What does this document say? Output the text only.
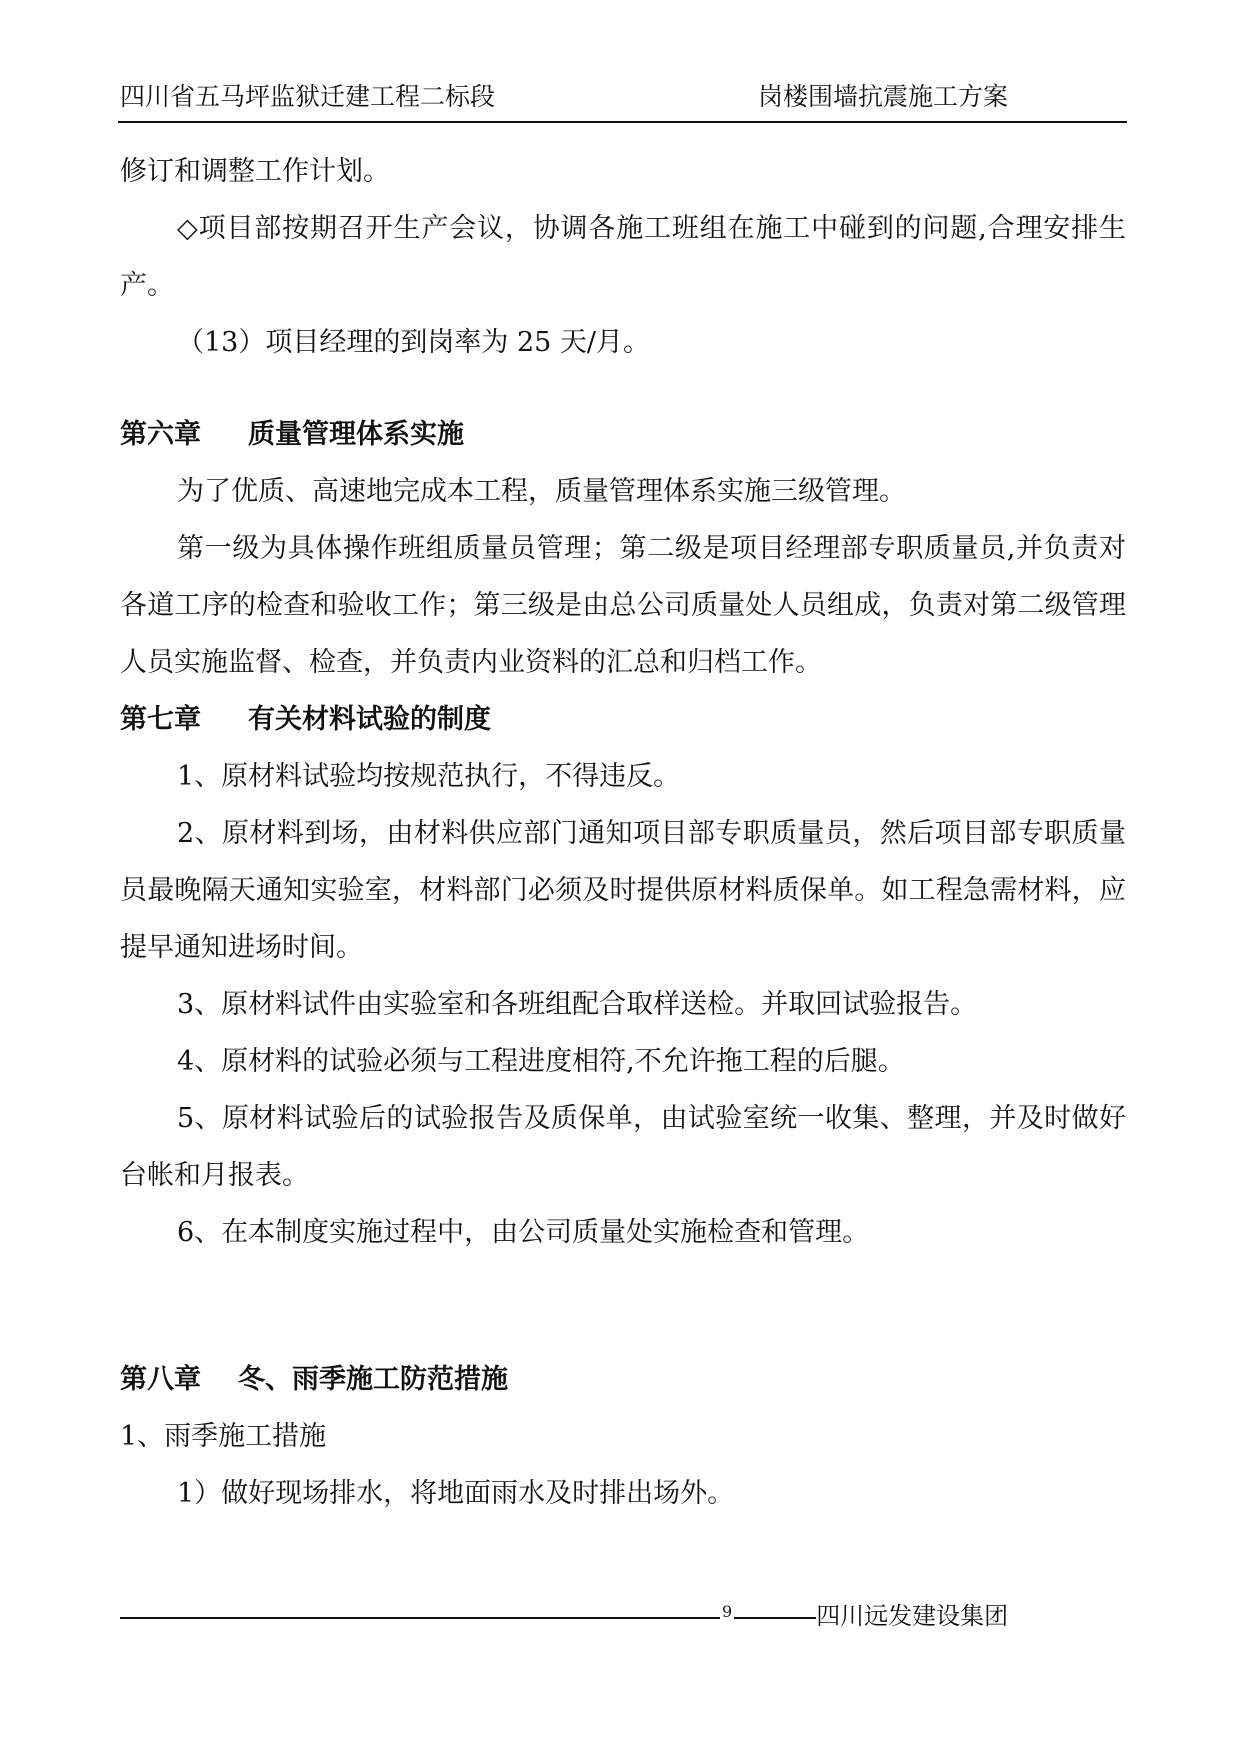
四川省五马坪监狱迁建工程二标段	岗楼围墙抗震施工方案

修订和调整工作计划。

◇项目部按期召开生产会议，协调各施工班组在施工中碰到的问题,合理安排生产。

（13）项目经理的到岗率为 25 天/月。

第六章 质量管理体系实施

为了优质、高速地完成本工程，质量管理体系实施三级管理。

第一级为具体操作班组质量员管理；第二级是项目经理部专职质量员,并负责对各道工序的检查和验收工作；第三级是由总公司质量处人员组成，负责对第二级管理人员实施监督、检查，并负责内业资料的汇总和归档工作。

第七章 有关材料试验的制度

1、原材料试验均按规范执行，不得违反。

2、原材料到场，由材料供应部门通知项目部专职质量员，然后项目部专职质量员最晚隔天通知实验室，材料部门必须及时提供原材料质保单。如工程急需材料，应提早通知进场时间。

3、原材料试件由实验室和各班组配合取样送检。并取回试验报告。

4、原材料的试验必须与工程进度相符,不允许拖工程的后腿。

5、原材料试验后的试验报告及质保单，由试验室统一收集、整理，并及时做好台帐和月报表。

6、在本制度实施过程中，由公司质量处实施检查和管理。

第八章 冬、雨季施工防范措施

1、雨季施工措施

1）做好现场排水，将地面雨水及时排出场外。

9	四川远发建设集团
